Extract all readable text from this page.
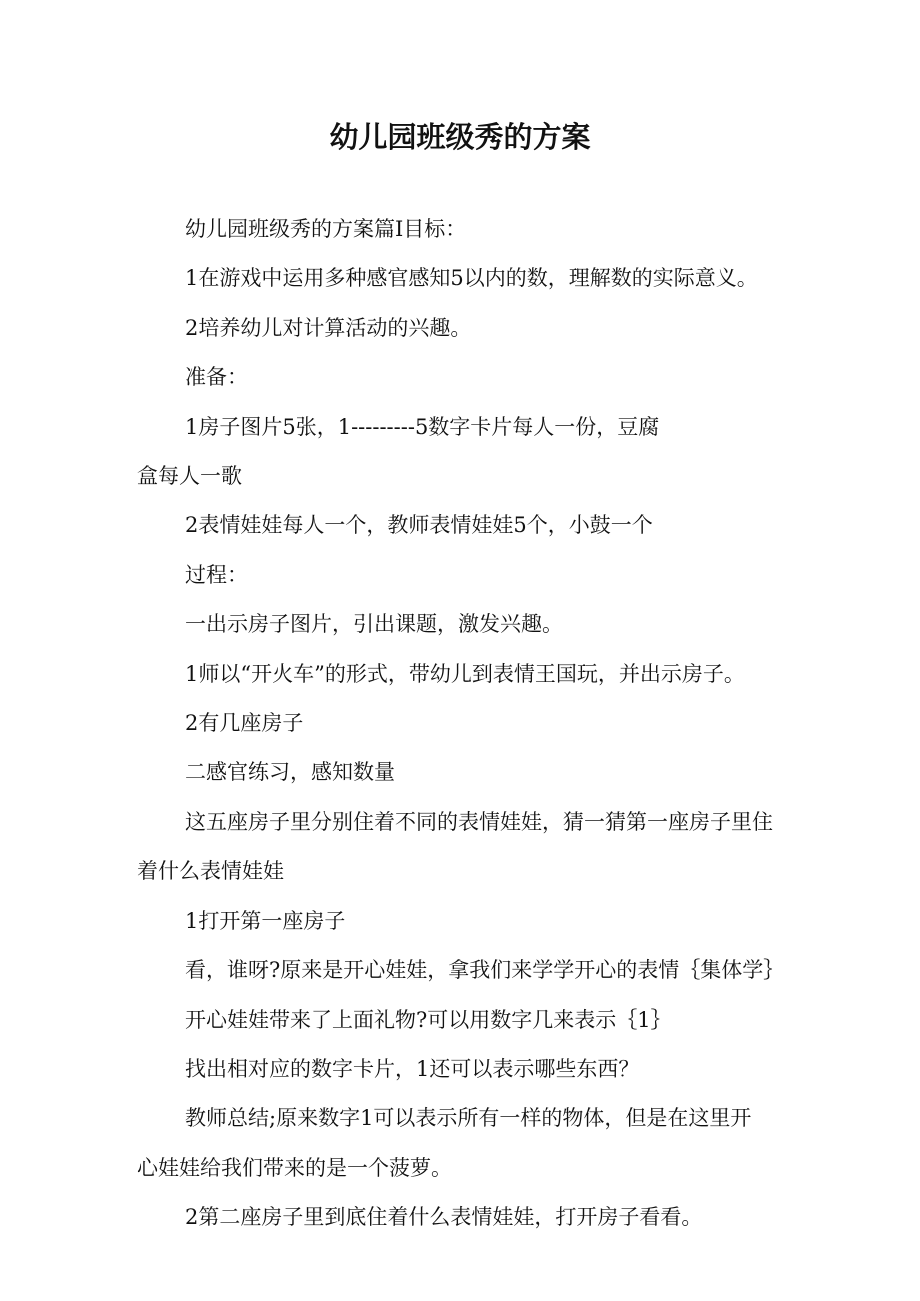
幼儿园班级秀的方案

幼儿园班级秀的方案篇Ⅰ目标：

1在游戏中运用多种感官感知5以内的数，理解数的实际意义。

2培养幼儿对计算活动的兴趣。

准备：

1房子图片5张，1---------5数字卡片每人一份，豆腐

盒每人一歌

2表情娃娃每人一个，教师表情娃娃5个，小鼓一个

过程：

一出示房子图片，引出课题，激发兴趣。

1师以“开火车”的形式，带幼儿到表情王国玩，并出示房子。

2有几座房子

二感官练习，感知数量

这五座房子里分别住着不同的表情娃娃，猜一猜第一座房子里住

着什么表情娃娃

1打开第一座房子

看，谁呀?原来是开心娃娃，拿我们来学学开心的表情｛集体学｝

开心娃娃带来了上面礼物?可以用数字几来表示｛1｝

找出相对应的数字卡片，1还可以表示哪些东西？

教师总结;原来数字1可以表示所有一样的物体，但是在这里开

心娃娃给我们带来的是一个菠萝。

2第二座房子里到底住着什么表情娃娃，打开房子看看。
